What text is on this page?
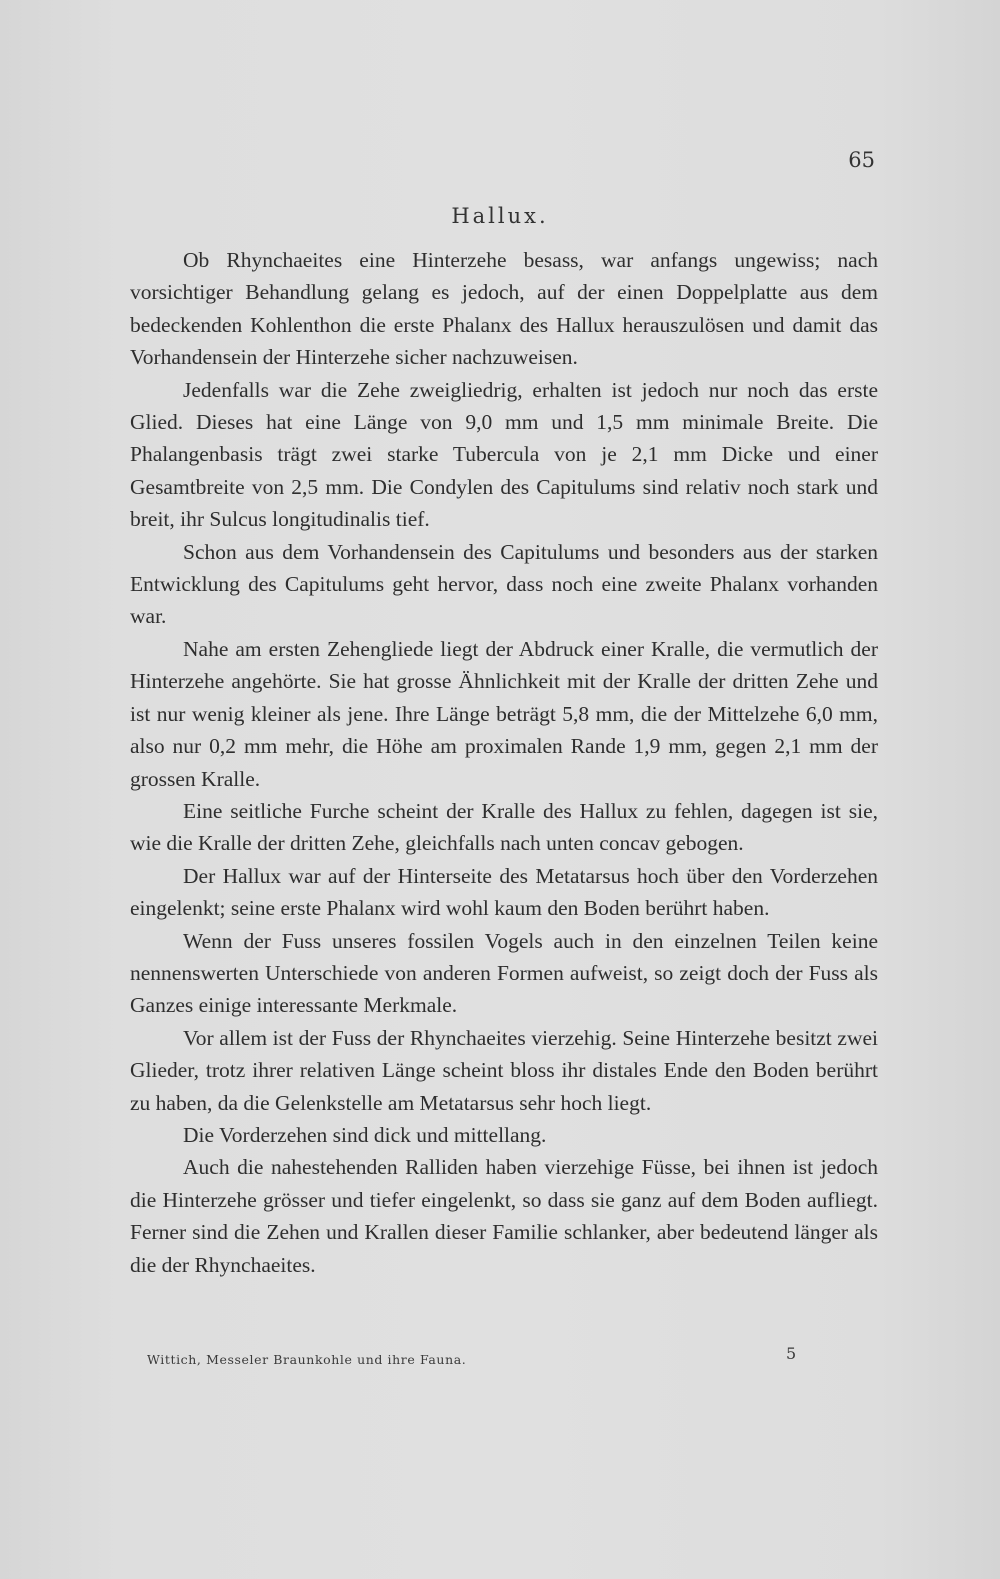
65
Hallux.

Ob Rhynchaeites eine Hinterzehe besass, war anfangs ungewiss; nach vorsichtiger Behandlung gelang es jedoch, auf der einen Doppelplatte aus dem bedeckenden Kohlenthon die erste Phalanx des Hallux herauszulösen und damit das Vorhandensein der Hinterzehe sicher nachzuweisen.

Jedenfalls war die Zehe zweigliedrig, erhalten ist jedoch nur noch das erste Glied. Dieses hat eine Länge von 9,0 mm und 1,5 mm minimale Breite. Die Phalangenbasis trägt zwei starke Tubercula von je 2,1 mm Dicke und einer Gesamtbreite von 2,5 mm. Die Condylen des Capitulums sind relativ noch stark und breit, ihr Sulcus longitudinalis tief.

Schon aus dem Vorhandensein des Capitulums und besonders aus der starken Entwicklung des Capitulums geht hervor, dass noch eine zweite Phalanx vorhanden war.

Nahe am ersten Zehengliede liegt der Abdruck einer Kralle, die vermutlich der Hinterzehe angehörte. Sie hat grosse Ähnlichkeit mit der Kralle der dritten Zehe und ist nur wenig kleiner als jene. Ihre Länge beträgt 5,8 mm, die der Mittelzehe 6,0 mm, also nur 0,2 mm mehr, die Höhe am proximalen Rande 1,9 mm, gegen 2,1 mm der grossen Kralle.

Eine seitliche Furche scheint der Kralle des Hallux zu fehlen, dagegen ist sie, wie die Kralle der dritten Zehe, gleichfalls nach unten concav gebogen.

Der Hallux war auf der Hinterseite des Metatarsus hoch über den Vorderzehen eingelenkt; seine erste Phalanx wird wohl kaum den Boden berührt haben.

Wenn der Fuss unseres fossilen Vogels auch in den einzelnen Teilen keine nennenswerten Unterschiede von anderen Formen aufweist, so zeigt doch der Fuss als Ganzes einige interessante Merkmale.

Vor allem ist der Fuss der Rhynchaeites vierzehig. Seine Hinterzehe besitzt zwei Glieder, trotz ihrer relativen Länge scheint bloss ihr distales Ende den Boden berührt zu haben, da die Gelenkstelle am Metatarsus sehr hoch liegt.

Die Vorderzehen sind dick und mittellang.

Auch die nahestehenden Ralliden haben vierzehige Füsse, bei ihnen ist jedoch die Hinterzehe grösser und tiefer eingelenkt, so dass sie ganz auf dem Boden aufliegt. Ferner sind die Zehen und Krallen dieser Familie schlanker, aber bedeutend länger als die der Rhynchaeites.

Wittich, Messeler Braunkohle und ihre Fauna.	5
